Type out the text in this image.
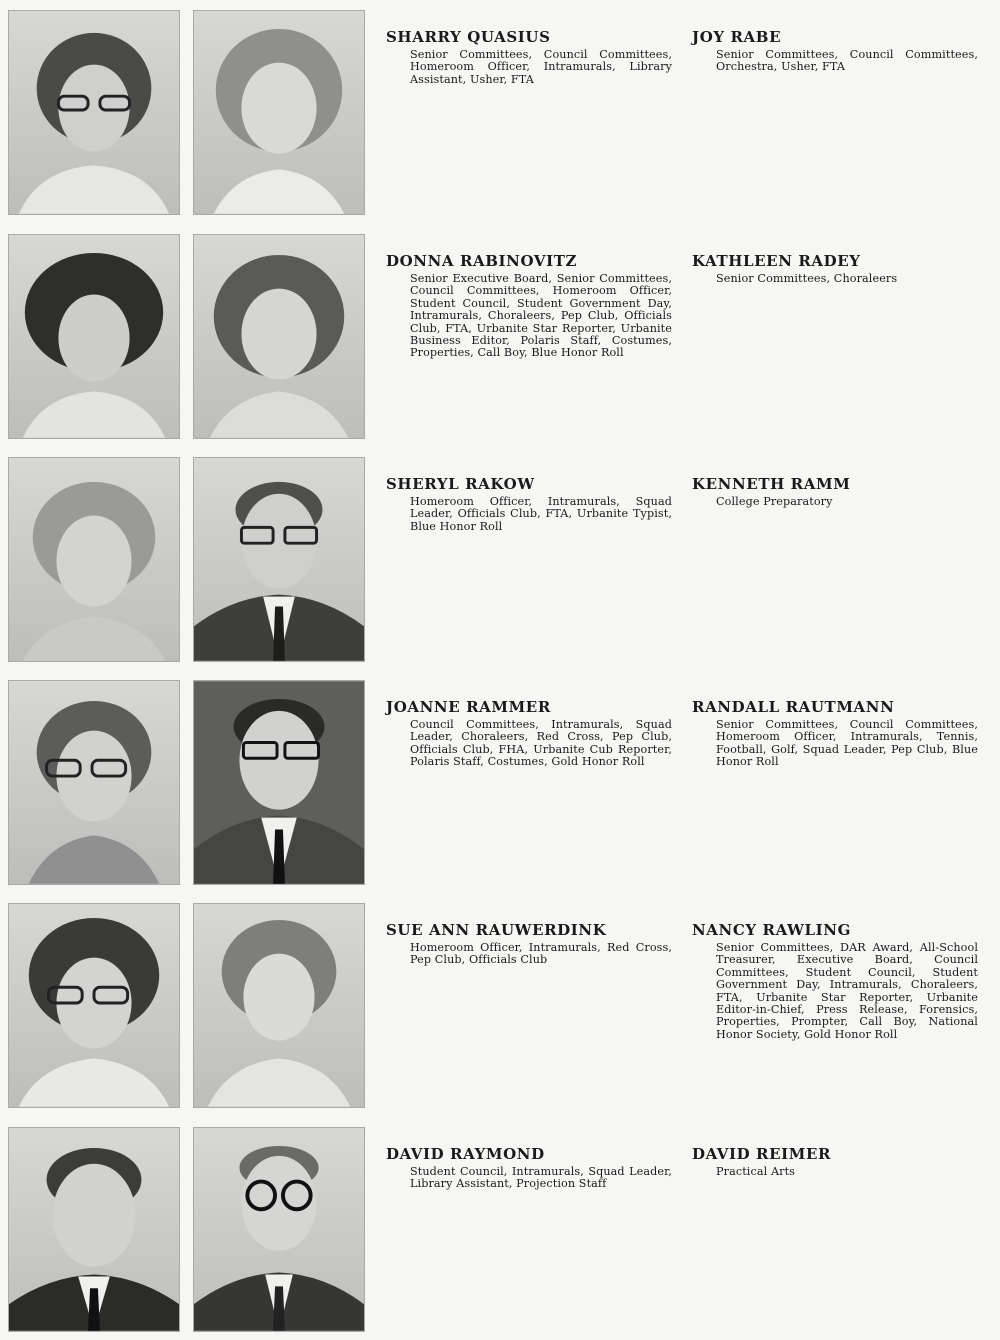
SHARRY QUASIUS
Senior Committees, Council Committees, Homeroom Officer, Intramurals, Library Assistant, Usher, FTA
JOY RABE
Senior Committees, Council Committees, Orchestra, Usher, FTA
DONNA RABINOVITZ
Senior Executive Board, Senior Committees, Council Committees, Homeroom Officer, Student Council, Student Government Day, Intramurals, Choraleers, Pep Club, Officials Club, FTA, Urbanite Star Reporter, Urbanite Business Editor, Polaris Staff, Costumes, Properties, Call Boy, Blue Honor Roll
KATHLEEN RADEY
Senior Committees, Choraleers
SHERYL RAKOW
Homeroom Officer, Intramurals, Squad Leader, Officials Club, FTA, Urbanite Typist, Blue Honor Roll
KENNETH RAMM
College Preparatory
JOANNE RAMMER
Council Committees, Intramurals, Squad Leader, Choraleers, Red Cross, Pep Club, Officials Club, FHA, Urbanite Cub Reporter, Polaris Staff, Costumes, Gold Honor Roll
RANDALL RAUTMANN
Senior Committees, Council Committees, Homeroom Officer, Intramurals, Tennis, Football, Golf, Squad Leader, Pep Club, Blue Honor Roll
SUE ANN RAUWERDINK
Homeroom Officer, Intramurals, Red Cross, Pep Club, Officials Club
NANCY RAWLING
Senior Committees, DAR Award, All-School Treasurer, Executive Board, Council Committees, Student Council, Student Government Day, Intramurals, Choraleers, FTA, Urbanite Star Reporter, Urbanite Editor-in-Chief, Press Release, Forensics, Properties, Prompter, Call Boy, National Honor Society, Gold Honor Roll
DAVID RAYMOND
Student Council, Intramurals, Squad Leader, Library Assistant, Projection Staff
DAVID REIMER
Practical Arts
